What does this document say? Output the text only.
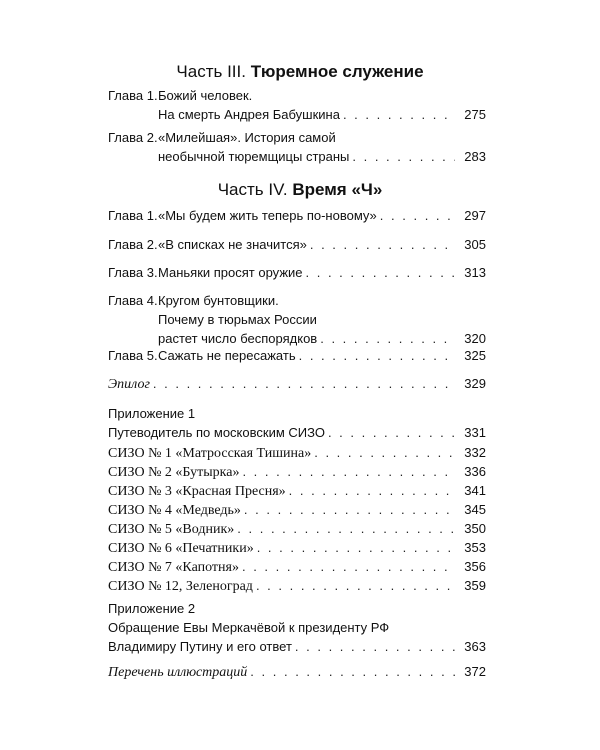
Часть III. Тюремное служение
Глава 1. Божий человек.
На смерть Андрея Бабушкина . . .	275
Глава 2. «Милейшая». История самой
необычной тюремщицы страны . . .	283
Часть IV. Время «Ч»
Глава 1. «Мы будем жить теперь по-новому» . . .	297
Глава 2. «В списках не значится» . . .	305
Глава 3. Маньяки просят оружие . . .	313
Глава 4. Кругом бунтовщики.
Почему в тюрьмах России
растет число беспорядков . . .	320
Глава 5. Сажать не пересажать . . .	325
Эпилог . . .	329
Приложение 1
Путеводитель по московским СИЗО . . .	331
СИЗО № 1 «Матросская Тишина» . . .	332
СИЗО № 2 «Бутырка» . . .	336
СИЗО № 3 «Красная Пресня» . . .	341
СИЗО № 4 «Медведь» . . .	345
СИЗО № 5 «Водник» . . .	350
СИЗО № 6 «Печатники» . . .	353
СИЗО № 7 «Капотня» . . .	356
СИЗО № 12, Зеленоград . . .	359
Приложение 2
Обращение Евы Меркачёвой к президенту РФ
Владимиру Путину и его ответ . . .	363
Перечень иллюстраций . . .	372
